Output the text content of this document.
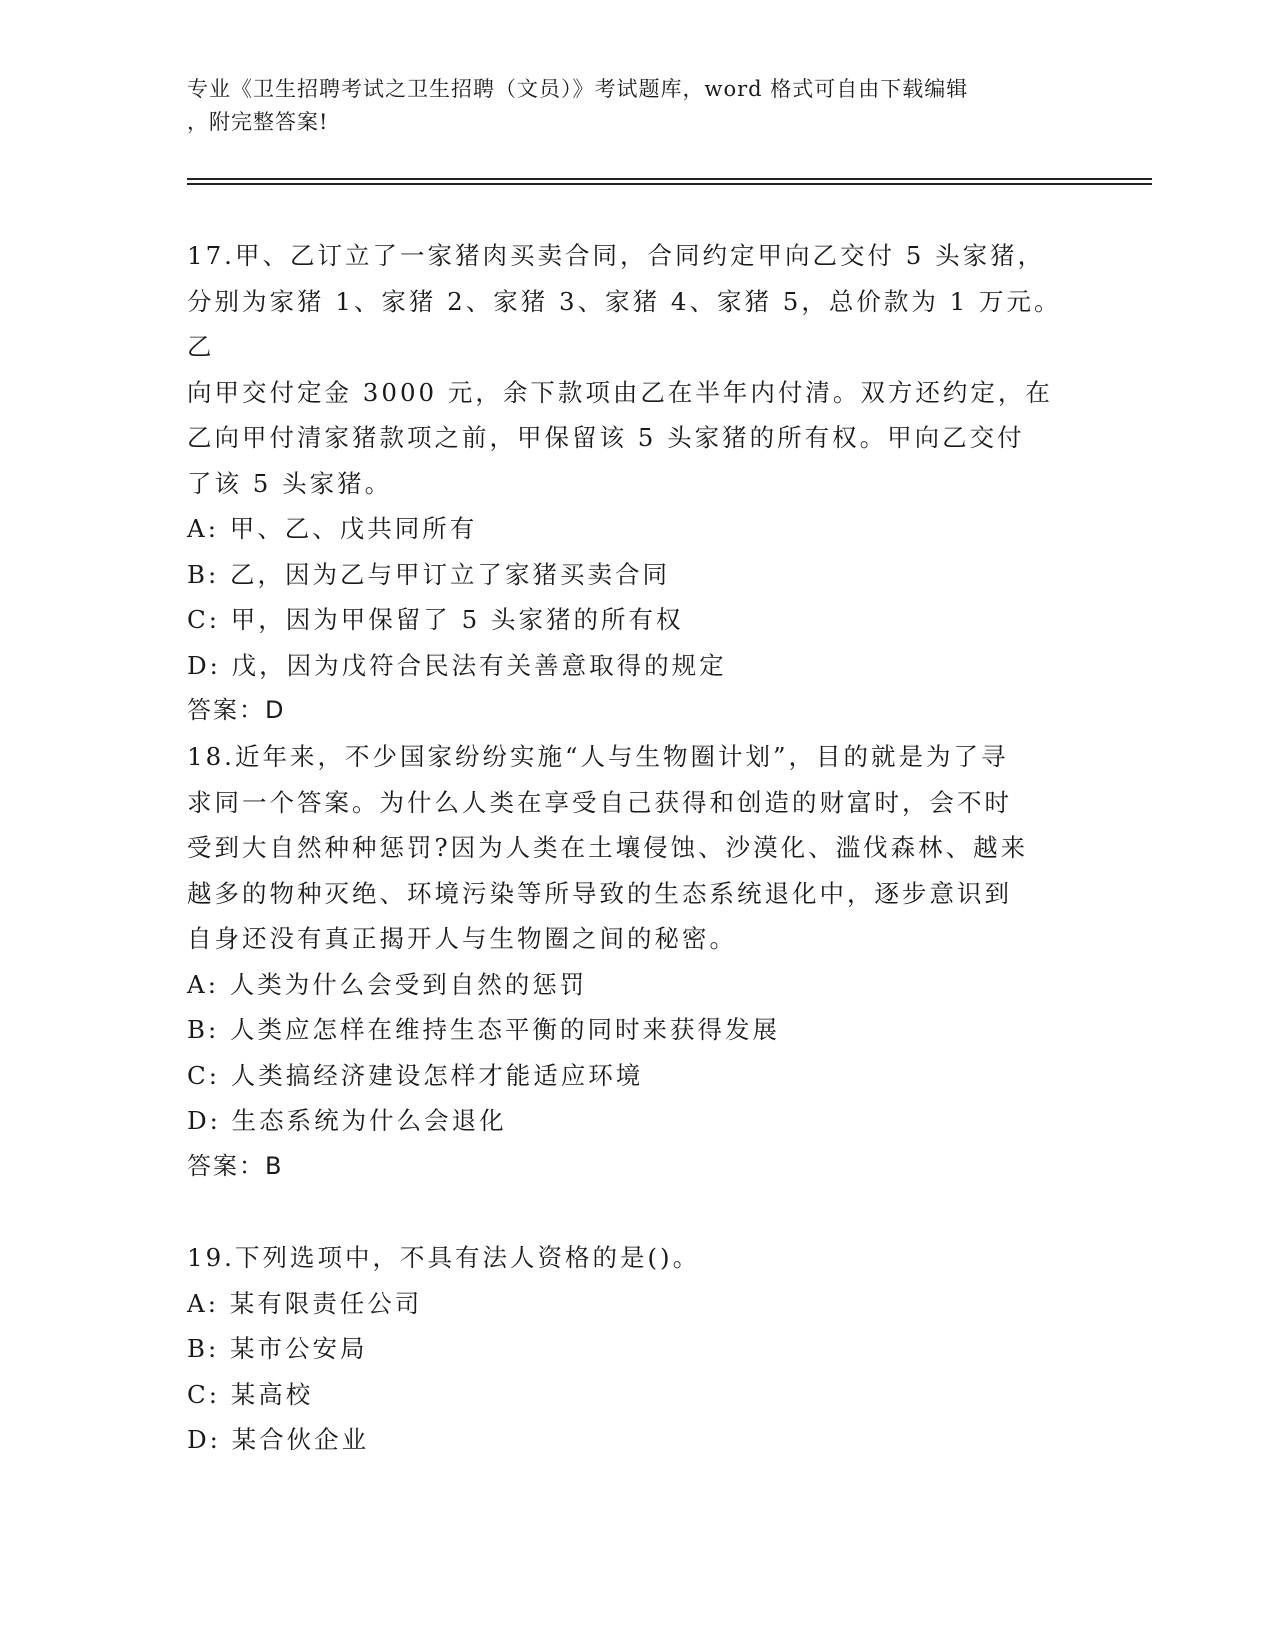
专业《卫生招聘考试之卫生招聘（文员）》考试题库，word 格式可自由下载编辑
，附完整答案!

17.甲、乙订立了一家猪肉买卖合同，合同约定甲向乙交付 5 头家猪，

分别为家猪 1、家猪 2、家猪 3、家猪 4、家猪 5，总价款为 1 万元。乙

向甲交付定金 3000 元，余下款项由乙在半年内付清。双方还约定，在

乙向甲付清家猪款项之前，甲保留该 5 头家猪的所有权。甲向乙交付

了该 5 头家猪。

A: 甲、乙、戊共同所有

B: 乙，因为乙与甲订立了家猪买卖合同

C: 甲，因为甲保留了 5 头家猪的所有权

D: 戊，因为戊符合民法有关善意取得的规定

答案：D

18.近年来，不少国家纷纷实施“人与生物圈计划”，目的就是为了寻

求同一个答案。为什么人类在享受自己获得和创造的财富时，会不时

受到大自然种种惩罚?因为人类在土壤侵蚀、沙漠化、滥伐森林、越来

越多的物种灭绝、环境污染等所导致的生态系统退化中，逐步意识到

自身还没有真正揭开人与生物圈之间的秘密。

A: 人类为什么会受到自然的惩罚

B: 人类应怎样在维持生态平衡的同时来获得发展

C: 人类搞经济建设怎样才能适应环境

D: 生态系统为什么会退化

答案：B

19.下列选项中，不具有法人资格的是()。

A: 某有限责任公司

B: 某市公安局

C: 某高校

D: 某合伙企业
